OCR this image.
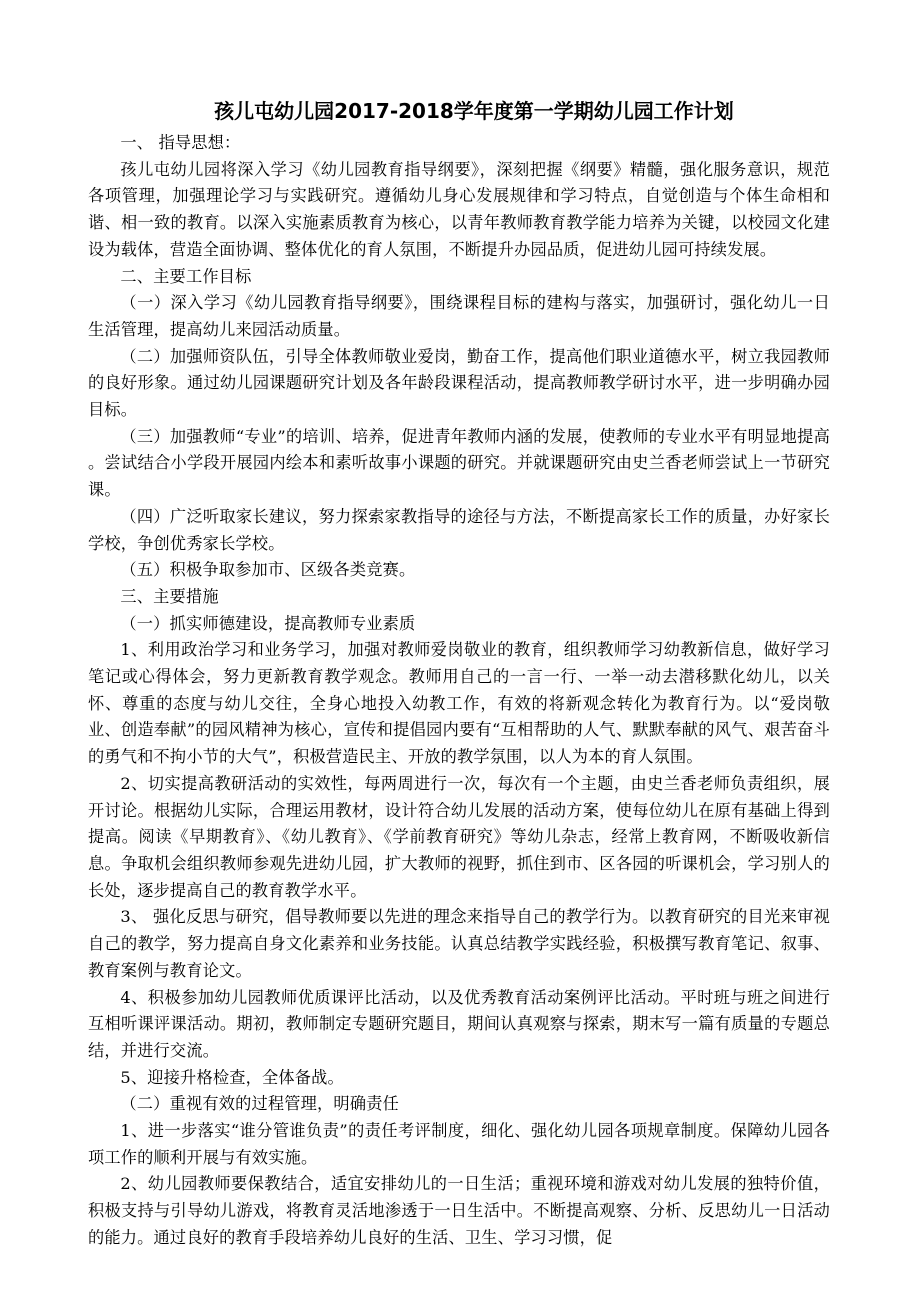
孩儿屯幼儿园2017-2018学年度第一学期幼儿园工作计划

一、 指导思想：

孩儿屯幼儿园将深入学习《幼儿园教育指导纲要》，深刻把握《纲要》精髓，强化服务意识，规范各项管理，加强理论学习与实践研究。遵循幼儿身心发展规律和学习特点，自觉创造与个体生命相和谐、相一致的教育。以深入实施素质教育为核心，以青年教师教育教学能力培养为关键，以校园文化建设为载体，营造全面协调、整体优化的育人氛围，不断提升办园品质，促进幼儿园可持续发展。

二、主要工作目标

（一）深入学习《幼儿园教育指导纲要》，围绕课程目标的建构与落实，加强研讨，强化幼儿一日生活管理，提高幼儿来园活动质量。

（二）加强师资队伍，引导全体教师敬业爱岗，勤奋工作，提高他们职业道德水平，树立我园教师的良好形象。通过幼儿园课题研究计划及各年龄段课程活动，提高教师教学研讨水平，进一步明确办园目标。

（三）加强教师“专业”的培训、培养，促进青年教师内涵的发展，使教师的专业水平有明显地提高 。尝试结合小学段开展园内绘本和素听故事小课题的研究。并就课题研究由史兰香老师尝试上一节研究课。

（四）广泛听取家长建议，努力探索家教指导的途径与方法，不断提高家长工作的质量，办好家长学校，争创优秀家长学校。

（五）积极争取参加市、区级各类竞赛。

三、主要措施

（一）抓实师德建设，提高教师专业素质

1、利用政治学习和业务学习，加强对教师爱岗敬业的教育，组织教师学习幼教新信息，做好学习笔记或心得体会，努力更新教育教学观念。教师用自己的一言一行、一举一动去潜移默化幼儿，以关怀、尊重的态度与幼儿交往，全身心地投入幼教工作，有效的将新观念转化为教育行为。以“爱岗敬业、创造奉献”的园风精神为核心，宣传和提倡园内要有“互相帮助的人气、默默奉献的风气、艰苦奋斗的勇气和不拘小节的大气”，积极营造民主、开放的教学氛围，以人为本的育人氛围。

2、切实提高教研活动的实效性，每两周进行一次，每次有一个主题，由史兰香老师负责组织，展开讨论。根据幼儿实际，合理运用教材，设计符合幼儿发展的活动方案，使每位幼儿在原有基础上得到提高。阅读《早期教育》、《幼儿教育》、《学前教育研究》等幼儿杂志，经常上教育网，不断吸收新信息。争取机会组织教师参观先进幼儿园，扩大教师的视野，抓住到市、区各园的听课机会，学习别人的长处，逐步提高自己的教育教学水平。

3、 强化反思与研究，倡导教师要以先进的理念来指导自己的教学行为。以教育研究的目光来审视自己的教学，努力提高自身文化素养和业务技能。认真总结教学实践经验，积极撰写教育笔记、叙事、教育案例与教育论文。

4、积极参加幼儿园教师优质课评比活动，以及优秀教育活动案例评比活动。平时班与班之间进行互相听课评课活动。期初，教师制定专题研究题目，期间认真观察与探索，期末写一篇有质量的专题总结，并进行交流。

5、迎接升格检查，全体备战。

（二）重视有效的过程管理，明确责任

1、进一步落实“谁分管谁负责”的责任考评制度，细化、强化幼儿园各项规章制度。保障幼儿园各项工作的顺利开展与有效实施。

2、幼儿园教师要保教结合，适宜安排幼儿的一日生活；重视环境和游戏对幼儿发展的独特价值，积极支持与引导幼儿游戏，将教育灵活地渗透于一日生活中。不断提高观察、分析、反思幼儿一日活动的能力。通过良好的教育手段培养幼儿良好的生活、卫生、学习习惯，促
